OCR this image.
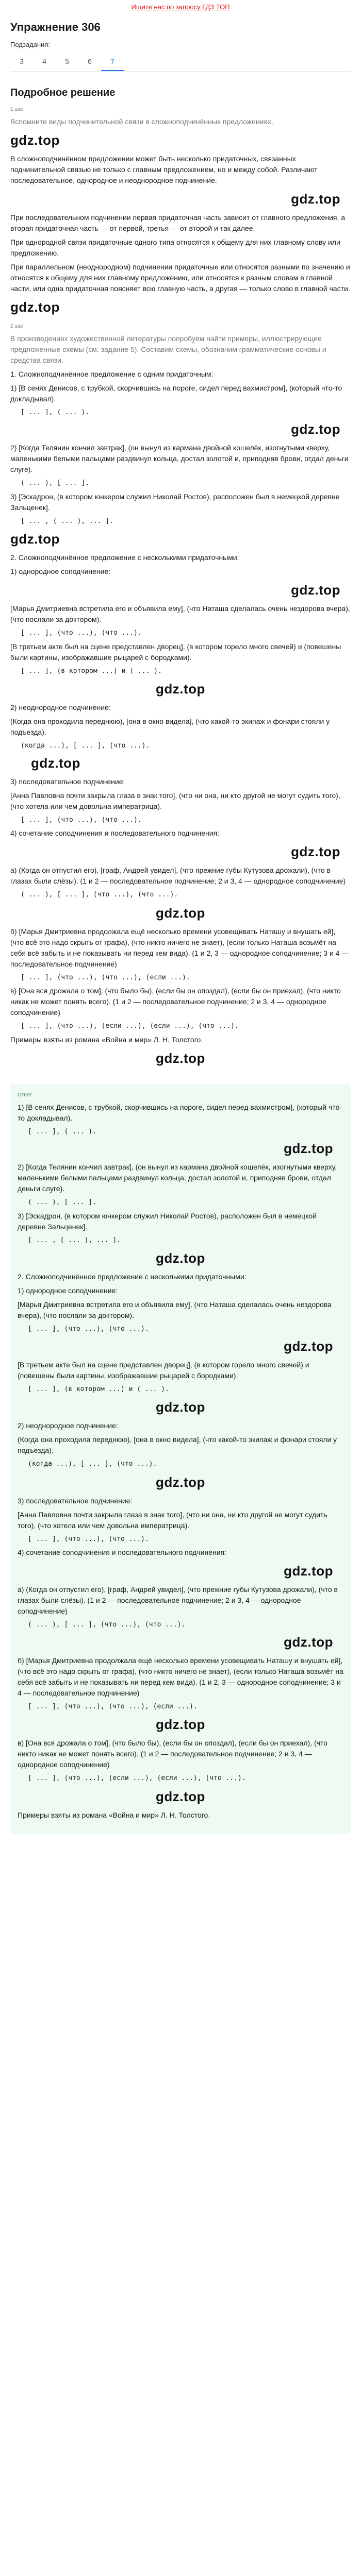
Ищите нас по запросу ГДЗ ТОП
Упражнение 306
Подзадания:
3	4	5	6	7
Подробное решение
1 шаг

Вспомните виды подчинительной связи в сложноподчинённых предложениях.

gdz.top

В сложноподчинённом предложении может быть несколько придаточных, связанных подчинительной связью не только с главным предложением, но и между собой. Различают последовательное, однородное и неоднородное подчинение.

gdz.top

При последовательном подчинении первая придаточная часть зависит от главного предложения, а вторая придаточная часть — от первой, третья — от второй и так далее.

При однородной связи придаточные одного типа относятся к общему для них главному слову или предложению.

При параллельном (неоднородном) подчинении придаточные или относятся разными по значению и относятся к общему для них главному предложению, или относятся к разным словам в главной части, или одна придаточная поясняет всю главную часть, а другая — только слово в главной части.

gdz.top
2 шаг

В произведениях художественной литературы попробуем найти примеры, иллюстрирующие предложенные схемы (см. задание 5). Составим схемы, обозначим грамматические основы и средства связи.

1. Сложноподчинённое предложение с одним придаточным:

1) [В сенях Денисов, с трубкой, скорчившись на пороге, сидел перед вахмистром], (который что-то докладывал).

[ ... ], ( ... ).
gdz.top

2) [Когда Телянин кончил завтрак], (он вынул из кармана двойной кошелёк, изогнутыми кверху, маленькими белыми пальцами раздвинул кольца, достал золотой и, приподняв брови, отдал деньги слуге).

( ... ), [ ... ].

3) [Эскадрон, (в котором юнкером служил Николай Ростов), расположен был в немецкой деревне Зальценек].

[ ... , ( ... ), ... ].
gdz.top

2. Сложноподчинённое предложение с несколькими придаточными:

1) однородное соподчинение:

gdz.top

[Марья Дмитриевна встретила его и объявила ему], (что Наташа сделалась очень нездорова вчера), (что послали за доктором).

[ ... ], (что ...), (что ...).

[В третьем акте был на сцене представлен дворец], (в котором горело много свечей) и (повешены были картины, изображавшие рыцарей с бородками).

[ ... ], (в котором ...) и ( ... ).
gdz.top

2) неоднородное подчинение:

(Когда она проходила переднюю), [она в окно видела], (что какой-то экипаж и фонари стояли у подъезда).

(когда ...), [ ... ], (что ...).
gdz.top

3) последовательное подчинение:

[Анна Павловна почти закрыла глаза в знак того], (что ни она, ни кто другой не могут судить того), (что хотела или чем довольна императрица).

[ ... ], (что ...), (что ...).

4) сочетание соподчинения и последовательного подчинения:

gdz.top

а) (Когда он отпустил его), [граф, Андрей увидел], (что прежние губы Кутузова дрожали), (что в глазах были слёзы). (1 и 2 — последовательное подчинение; 2 и 3, 4 — однородное соподчинение)

( ... ), [ ... ], (что ...), (что ...).
gdz.top

б) [Марья Дмитриевна продолжала ещё несколько времени усовещивать Наташу и внушать ей], (что всё это надо скрыть от графа), (что никто ничего не знает), (если только Наташа возьмёт на себя всё забыть и не показывать ни перед кем вида). (1 и 2, 3 — однородное соподчинение; 3 и 4 — последовательное подчинение)

[ ... ], (что ...), (что ...), (если ...).

в) [Она вся дрожала о том], (что было бы), (если бы он опоздал), (если бы он приехал), (что никто никак не может понять всего). (1 и 2 — последовательное подчинение; 2 и 3, 4 — однородное соподчинение)

[ ... ], (что ...), (если ...), (если ...), (что ...).

Примеры взяты из романа «Война и мир» Л. Н. Толстого.

gdz.top
Ответ

1) [В сенях Денисов, с трубкой, скорчившись на пороге, сидел перед вахмистром], (который что-то докладывал).

[ ... ], ( ... ).
gdz.top

2) [Когда Телянин кончил завтрак], (он вынул из кармана двойной кошелёк, изогнутыми кверху, маленькими белыми пальцами раздвинул кольца, достал золотой и, приподняв брови, отдал деньги слуге).

( ... ), [ ... ].

3) [Эскадрон, (в котором юнкером служил Николай Ростов), расположен был в немецкой деревне Зальценек].

[ ... , ( ... ), ... ].
gdz.top

2. Сложноподчинённое предложение с несколькими придаточными:

1) однородное соподчинение:

[Марья Дмитриевна встретила его и объявила ему], (что Наташа сделалась очень нездорова вчера), (что послали за доктором).

[ ... ], (что ...), (что ...).
gdz.top

[В третьем акте был на сцене представлен дворец], (в котором горело много свечей) и (повешены были картины, изображавшие рыцарей с бородками).

[ ... ], (в котором ...) и ( ... ).
gdz.top

2) неоднородное подчинение:

(Когда она проходила переднюю), [она в окно видела], (что какой-то экипаж и фонари стояли у подъезда).

(когда ...), [ ... ], (что ...).
gdz.top

3) последовательное подчинение:

[Анна Павловна почти закрыла глаза в знак того], (что ни она, ни кто другой не могут судить того), (что хотела или чем довольна императрица).

[ ... ], (что ...), (что ...).

4) сочетание соподчинения и последовательного подчинения:

gdz.top

а) (Когда он отпустил его), [граф, Андрей увидел], (что прежние губы Кутузова дрожали), (что в глазах были слёзы). (1 и 2 — последовательное подчинение; 2 и 3, 4 — однородное соподчинение)

( ... ), [ ... ], (что ...), (что ...).
gdz.top

б) [Марья Дмитриевна продолжала ещё несколько времени усовещивать Наташу и внушать ей], (что всё это надо скрыть от графа), (что никто ничего не знает), (если только Наташа возьмёт на себя всё забыть и не показывать ни перед кем вида). (1 и 2, 3 — однородное соподчинение; 3 и 4 — последовательное подчинение)

[ ... ], (что ...), (что ...), (если ...).
gdz.top

в) [Она вся дрожала о том], (что было бы), (если бы он опоздал), (если бы он приехал), (что никто никак не может понять всего). (1 и 2 — последовательное подчинение; 2 и 3, 4 — однородное соподчинение)

[ ... ], (что ...), (если ...), (если ...), (что ...).
gdz.top

Примеры взяты из романа «Война и мир» Л. Н. Толстого.
